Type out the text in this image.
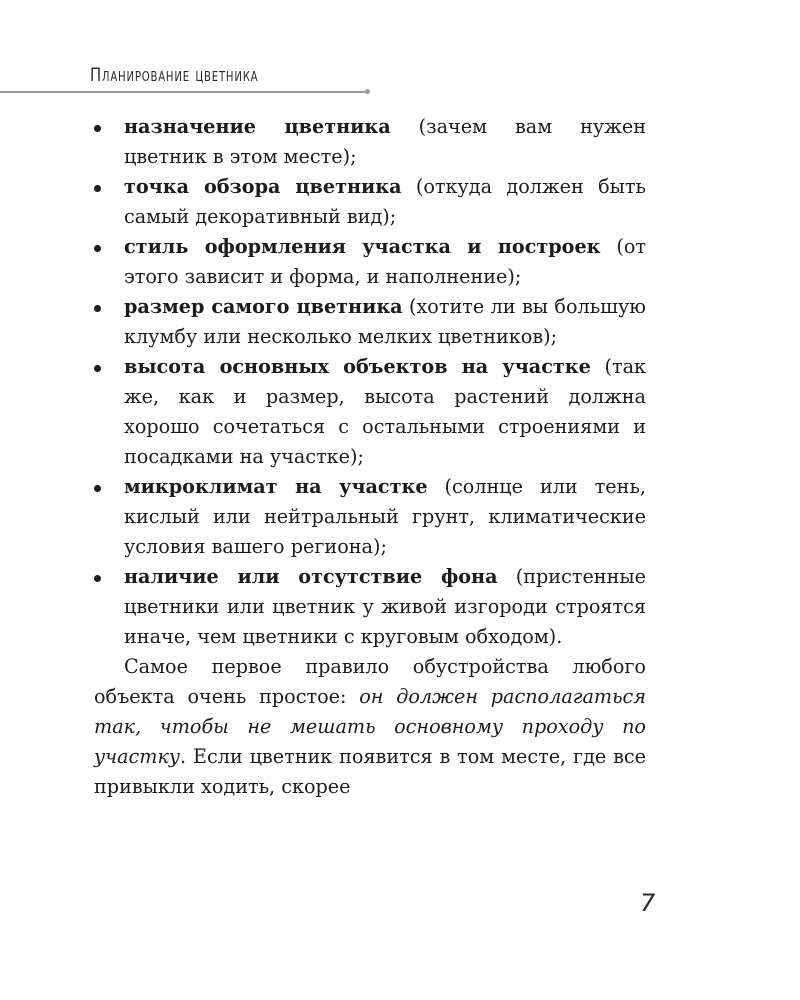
Планирование цветника
назначение цветника (зачем вам нужен цветник в этом месте);
точка обзора цветника (откуда должен быть самый декоративный вид);
стиль оформления участка и построек (от этого зависит и форма, и наполнение);
размер самого цветника (хотите ли вы большую клумбу или несколько мелких цветников);
высота основных объектов на участке (так же, как и размер, высота растений должна хорошо сочетаться с остальными строениями и посадками на участке);
микроклимат на участке (солнце или тень, кислый или нейтральный грунт, климатические условия вашего региона);
наличие или отсутствие фона (пристенные цветники или цветник у живой изгороди строятся иначе, чем цветники с круговым обходом).

Самое первое правило обустройства любого объекта очень простое: он должен располагаться так, чтобы не мешать основному проходу по участку. Если цветник появится в том месте, где все привыкли ходить, скорее

7
